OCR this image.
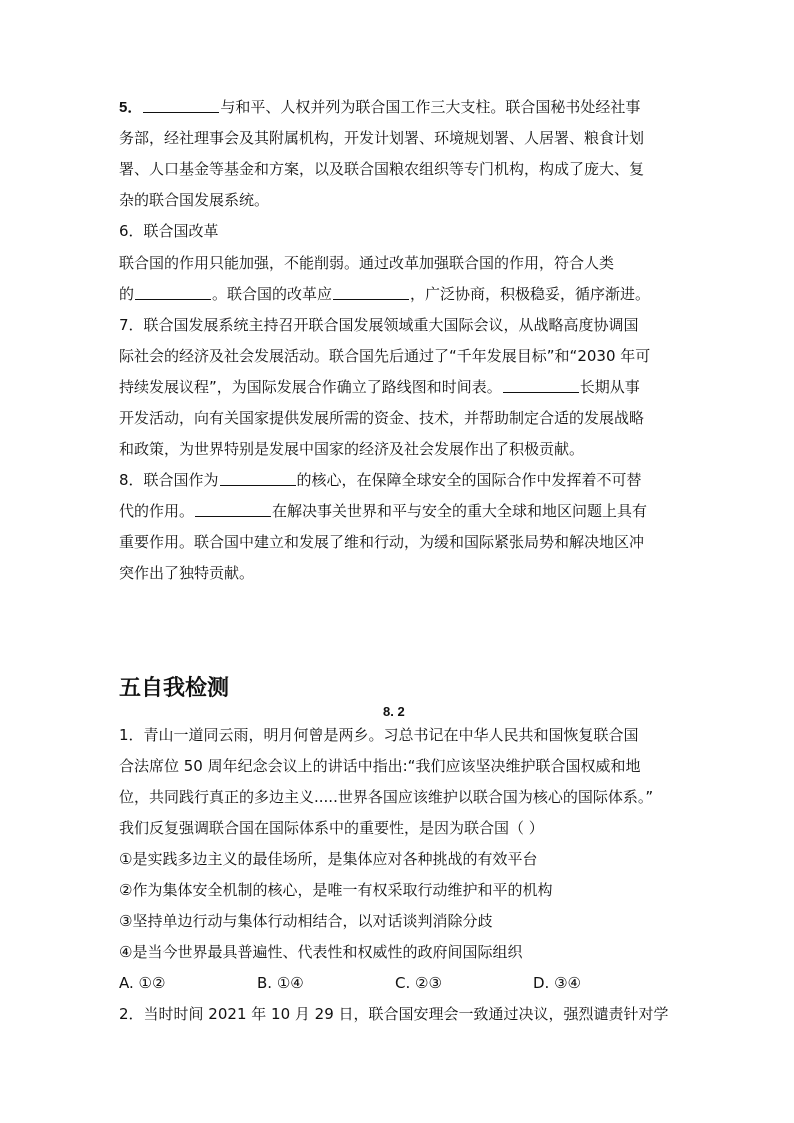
5．	与和平、人权并列为联合国工作三大支柱。联合国秘书处经社事
务部，经社理事会及其附属机构，开发计划署、环境规划署、人居署、粮食计划
署、人口基金等基金和方案，以及联合国粮农组织等专门机构，构成了庞大、复
杂的联合国发展系统。
6．联合国改革
联合国的作用只能加强，不能削弱。通过改革加强联合国的作用，符合人类
的	。联合国的改革应	，广泛协商，积极稳妥，循序渐进。
7．联合国发展系统主持召开联合国发展领域重大国际会议，从战略高度协调国
际社会的经济及社会发展活动。联合国先后通过了“千年发展目标”和“2030 年可
持续发展议程”，为国际发展合作确立了路线图和时间表。	长期从事
开发活动，向有关国家提供发展所需的资金、技术，并帮助制定合适的发展战略
和政策，为世界特别是发展中国家的经济及社会发展作出了积极贡献。
8．联合国作为	的核心，在保障全球安全的国际合作中发挥着不可替
代的作用。	在解决事关世界和平与安全的重大全球和地区问题上具有
重要作用。联合国中建立和发展了维和行动，为缓和国际紧张局势和解决地区冲
突作出了独特贡献。
五自我检测
8. 2
1．青山一道同云雨，明月何曾是两乡。习总书记在中华人民共和国恢复联合国
合法席位 50 周年纪念会议上的讲话中指出:“我们应该坚决维护联合国权威和地
位，共同践行真正的多边主义.....世界各国应该维护以联合国为核心的国际体系。”
我们反复强调联合国在国际体系中的重要性，是因为联合国（ ）
①是实践多边主义的最佳场所，是集体应对各种挑战的有效平台
②作为集体安全机制的核心，是唯一有权采取行动维护和平的机构
③坚持单边行动与集体行动相结合，以对话谈判消除分歧
④是当今世界最具普遍性、代表性和权威性的政府间国际组织
A. ①②	B. ①④	C. ②③	D. ③④
2．当时时间 2021 年 10 月 29 日，联合国安理会一致通过决议，强烈谴责针对学
